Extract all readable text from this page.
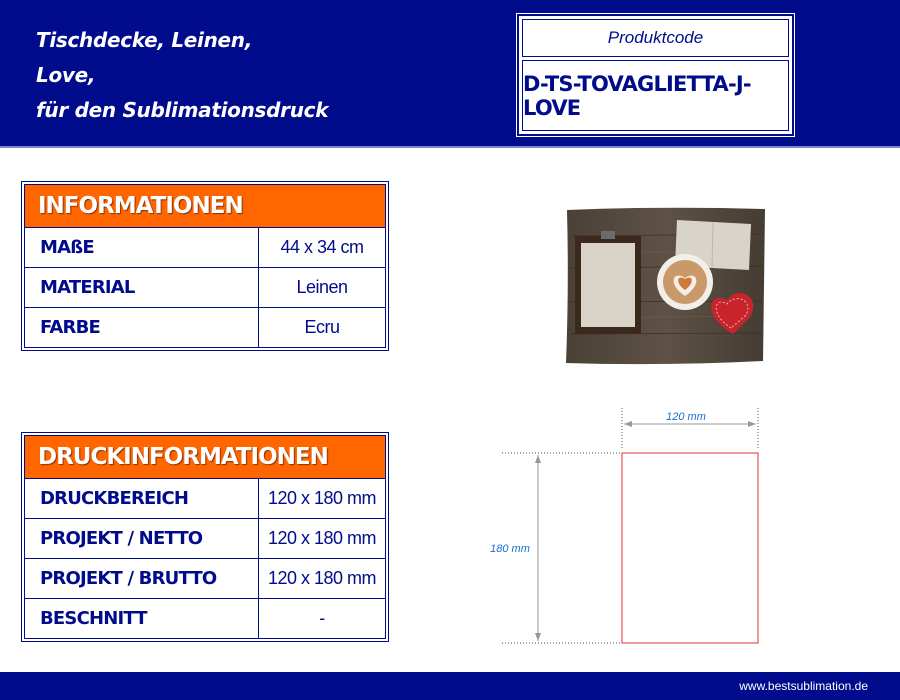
Tischdecke, Leinen,
Love,
für den Sublimationsdruck
Produktcode
D-TS-TOVAGLIETTA-J-LOVE
INFORMATIONEN
MAßE	44 x 34 cm
MATERIAL	Leinen
FARBE	Ecru
DRUCKINFORMATIONEN
DRUCKBEREICH	120 x 180 mm
PROJEKT / NETTO	120 x 180 mm
PROJEKT / BRUTTO	120 x 180 mm
BESCHNITT	-
120 mm
180 mm
www.bestsublimation.de
